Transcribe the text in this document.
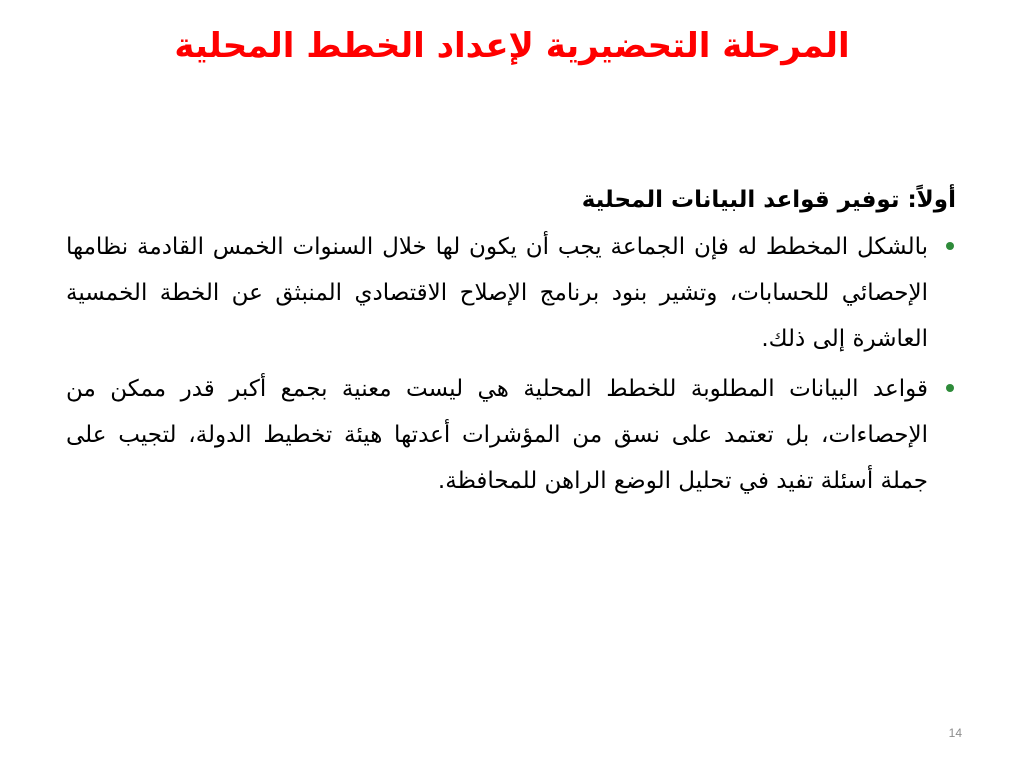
المرحلة التحضيرية لإعداد الخطط المحلية

أولاً: توفير قواعد البيانات المحلية

بالشكل المخطط له فإن الجماعة يجب أن يكون لها خلال السنوات الخمس القادمة نظامها الإحصائي للحسابات، وتشير بنود برنامج الإصلاح الاقتصادي المنبثق عن الخطة الخمسية العاشرة إلى ذلك.
قواعد البيانات المطلوبة للخطط المحلية هي ليست معنية بجمع أكبر قدر ممكن من الإحصاءات، بل تعتمد على نسق من المؤشرات أعدتها هيئة تخطيط الدولة، لتجيب على جملة أسئلة تفيد في تحليل الوضع الراهن للمحافظة.
14
